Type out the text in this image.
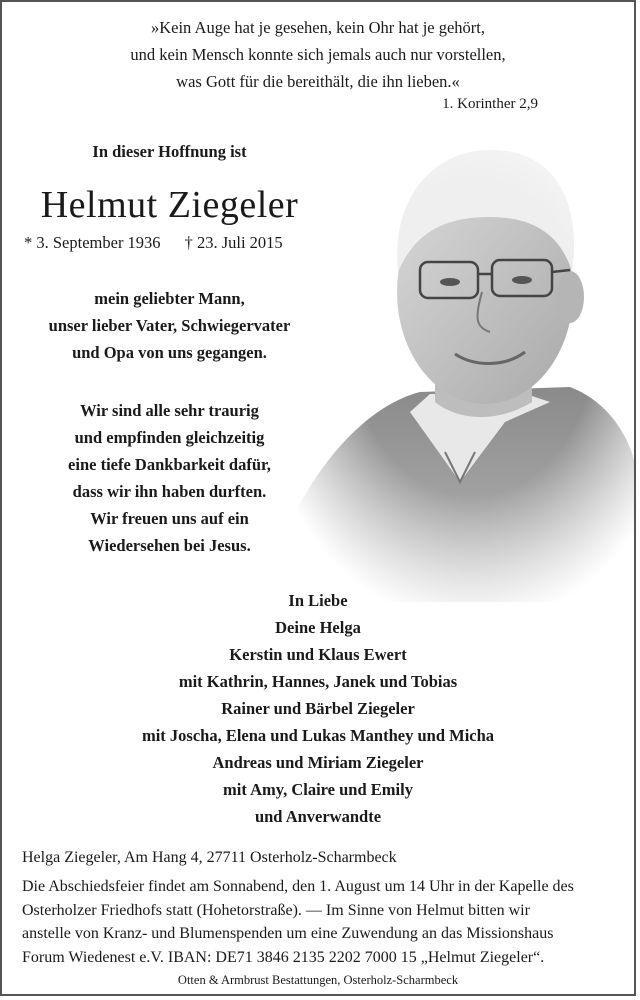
»Kein Auge hat je gesehen, kein Ohr hat je gehört,
und kein Mensch konnte sich jemals auch nur vorstellen,
was Gott für die bereithält, die ihn lieben.«
1. Korinther 2,9
In dieser Hoffnung ist
Helmut Ziegeler
* 3. September 1936 † 23. Juli 2015
mein geliebter Mann,
unser lieber Vater, Schwiegervater
und Opa von uns gegangen.
Wir sind alle sehr traurig
und empfinden gleichzeitig
eine tiefe Dankbarkeit dafür,
dass wir ihn haben durften.
Wir freuen uns auf ein
Wiedersehen bei Jesus.
In Liebe
Deine Helga
Kerstin und Klaus Ewert
mit Kathrin, Hannes, Janek und Tobias
Rainer und Bärbel Ziegeler
mit Joscha, Elena und Lukas Manthey und Micha
Andreas und Miriam Ziegeler
mit Amy, Claire und Emily
und Anverwandte
Helga Ziegeler, Am Hang 4, 27711 Osterholz-Scharmbeck
Die Abschiedsfeier findet am Sonnabend, den 1. August um 14 Uhr in der Kapelle des
Osterholzer Friedhofs statt (Hohetorstraße). — Im Sinne von Helmut bitten wir
anstelle von Kranz- und Blumenspenden um eine Zuwendung an das Missionshaus
Forum Wiedenest e.V. IBAN: DE71 3846 2135 2202 7000 15 „Helmut Ziegeler“.
Otten & Armbrust Bestattungen, Osterholz-Scharmbeck
